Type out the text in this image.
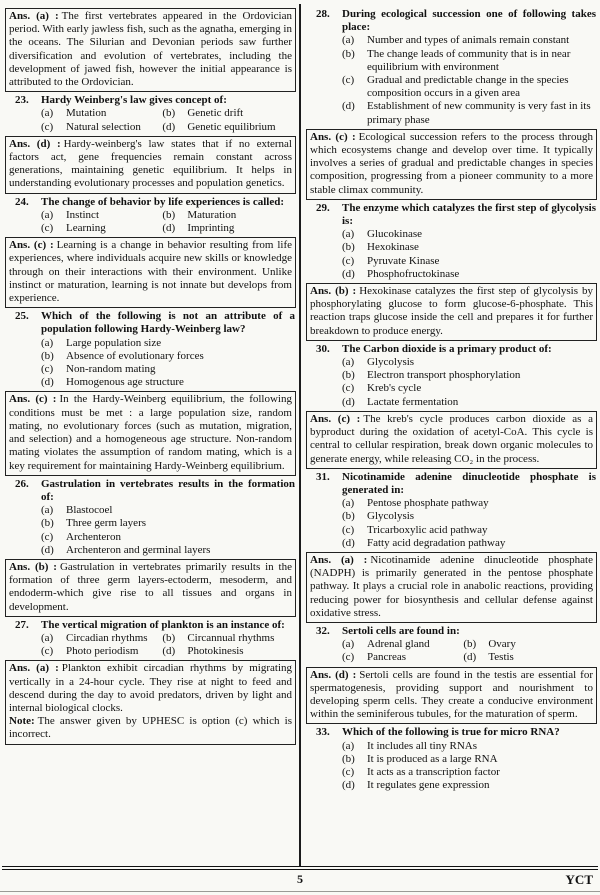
Ans. (a) : The first vertebrates appeared in the Ordovician period. With early jawless fish, such as the agnatha, emerging in the oceans. The Silurian and Devonian periods saw further diversification and evolution of vertebrates, including the development of jawed fish, however the initial appearance is attributed to the Ordovician.

23.	Hardy Weinberg's law gives concept of:
(a)	Mutation	(b)	Genetic drift
(c)	Natural selection	(d)	Genetic equilibrium

Ans. (d) : Hardy-weinberg's law states that if no external factors act, gene frequencies remain constant across generations, maintaining genetic equilibrium. It helps in understanding evolutionary processes and population genetics.

24.	The change of behavior by life experiences is called:
(a)	Instinct	(b)	Maturation
(c)	Learning	(d)	Imprinting

Ans. (c) : Learning is a change in behavior resulting from life experiences, where individuals acquire new skills or knowledge through on their interactions with their environment. Unlike instinct or maturation, learning is not innate but develops from experience.

25.	Which of the following is not an attribute of a population following Hardy-Weinberg law?
(a)	Large population size
(b)	Absence of evolutionary forces
(c)	Non-random mating
(d)	Homogenous age structure

Ans. (c) : In the Hardy-Weinberg equilibrium, the following conditions must be met : a large population size, random mating, no evolutionary forces (such as mutation, migration, and selection) and a homogeneous age structure. Non-random mating violates the assumption of random mating, which is a key requirement for maintaining Hardy-Weinberg equilibrium.

26.	Gastrulation in vertebrates results in the formation of:
(a)	Blastocoel
(b)	Three germ layers
(c)	Archenteron
(d)	Archenteron and germinal layers

Ans. (b) : Gastrulation in vertebrates primarily results in the formation of three germ layers-ectoderm, mesoderm, and endoderm-which give rise to all tissues and organs in development.

27.	The vertical migration of plankton is an instance of:
(a)	Circadian rhythms	(b)	Circannual rhythms
(c)	Photo periodism	(d)	Photokinesis

Ans. (a) : Plankton exhibit circadian rhythms by migrating vertically in a 24-hour cycle. They rise at night to feed and descend during the day to avoid predators, driven by light and internal biological clocks.

Note: The answer given by UPHESC is option (c) which is incorrect.

28.	During ecological succession one of following takes place:
(a)	Number and types of animals remain constant
(b)	The change leads of community that is in near equilibrium with environment
(c)	Gradual and predictable change in the species composition occurs in a given area
(d)	Establishment of new community is very fast in its primary phase

Ans. (c) : Ecological succession refers to the process through which ecosystems change and develop over time. It typically involves a series of gradual and predictable changes in species composition, progressing from a pioneer community to a more stable climax community.

29.	The enzyme which catalyzes the first step of glycolysis is:
(a)	Glucokinase
(b)	Hexokinase
(c)	Pyruvate Kinase
(d)	Phosphofructokinase

Ans. (b) : Hexokinase catalyzes the first step of glycolysis by phosphorylating glucose to form glucose-6-phosphate. This reaction traps glucose inside the cell and prepares it for further breakdown to produce energy.

30.	The Carbon dioxide is a primary product of:
(a)	Glycolysis
(b)	Electron transport phosphorylation
(c)	Kreb's cycle
(d)	Lactate fermentation

Ans. (c) : The kreb's cycle produces carbon dioxide as a byproduct during the oxidation of acetyl-CoA. This cycle is central to cellular respiration, break down organic molecules to generate energy, while releasing CO₂ in the process.

31.	Nicotinamide adenine dinucleotide phosphate is generated in:
(a)	Pentose phosphate pathway
(b)	Glycolysis
(c)	Tricarboxylic acid pathway
(d)	Fatty acid degradation pathway

Ans. (a) : Nicotinamide adenine dinucleotide phosphate (NADPH) is primarily generated in the pentose phosphate pathway. It plays a crucial role in anabolic reactions, providing reducing power for biosynthesis and cellular defense against oxidative stress.

32.	Sertoli cells are found in:
(a)	Adrenal gland	(b)	Ovary
(c)	Pancreas	(d)	Testis

Ans. (d) : Sertoli cells are found in the testis are essential for spermatogenesis, providing support and nourishment to developing sperm cells. They create a conducive environment within the seminiferous tubules, for the maturation of sperm.

33.	Which of the following is true for micro RNA?
(a)	It includes all tiny RNAs
(b)	It is produced as a large RNA
(c)	It acts as a transcription factor
(d)	It regulates gene expression
5	YCT
